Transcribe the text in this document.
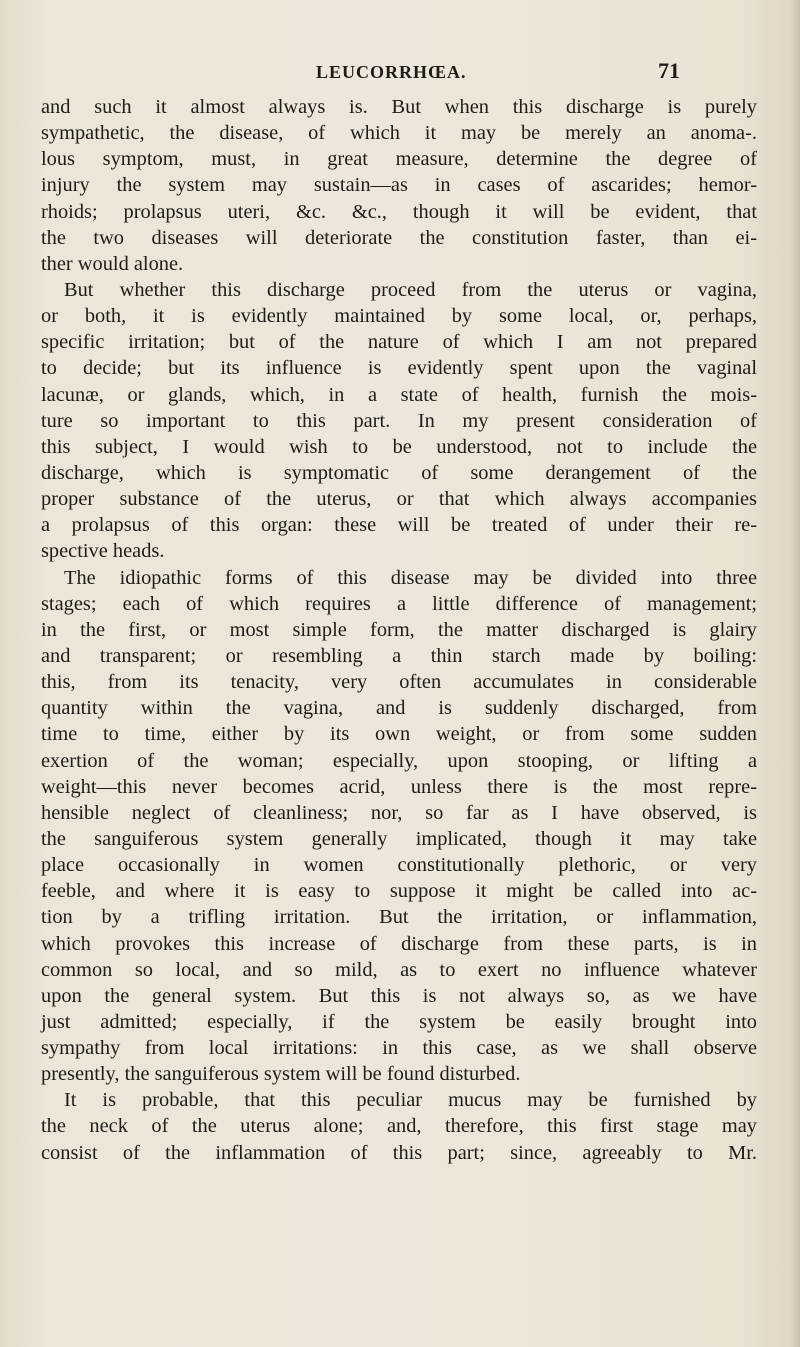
LEUCORRHŒA.	71
and such it almost always is. But when this discharge is purely
sympathetic, the disease, of which it may be merely an anoma-.
lous symptom, must, in great measure, determine the degree of
injury the system may sustain—as in cases of ascarides; hemor-
rhoids; prolapsus uteri, &c. &c., though it will be evident, that
the two diseases will deteriorate the constitution faster, than ei-
ther would alone.
But whether this discharge proceed from the uterus or vagina,
or both, it is evidently maintained by some local, or, perhaps,
specific irritation; but of the nature of which I am not prepared
to decide; but its influence is evidently spent upon the vaginal
lacunæ, or glands, which, in a state of health, furnish the mois-
ture so important to this part. In my present consideration of
this subject, I would wish to be understood, not to include the
discharge, which is symptomatic of some derangement of the
proper substance of the uterus, or that which always accompanies
a prolapsus of this organ: these will be treated of under their re-
spective heads.
The idiopathic forms of this disease may be divided into three
stages; each of which requires a little difference of management;
in the first, or most simple form, the matter discharged is glairy
and transparent; or resembling a thin starch made by boiling:
this, from its tenacity, very often accumulates in considerable
quantity within the vagina, and is suddenly discharged, from
time to time, either by its own weight, or from some sudden
exertion of the woman; especially, upon stooping, or lifting a
weight—this never becomes acrid, unless there is the most repre-
hensible neglect of cleanliness; nor, so far as I have observed, is
the sanguiferous system generally implicated, though it may take
place occasionally in women constitutionally plethoric, or very
feeble, and where it is easy to suppose it might be called into ac-
tion by a trifling irritation. But the irritation, or inflammation,
which provokes this increase of discharge from these parts, is in
common so local, and so mild, as to exert no influence whatever
upon the general system. But this is not always so, as we have
just admitted; especially, if the system be easily brought into
sympathy from local irritations: in this case, as we shall observe
presently, the sanguiferous system will be found disturbed.
It is probable, that this peculiar mucus may be furnished by
the neck of the uterus alone; and, therefore, this first stage may
consist of the inflammation of this part; since, agreeably to Mr.
